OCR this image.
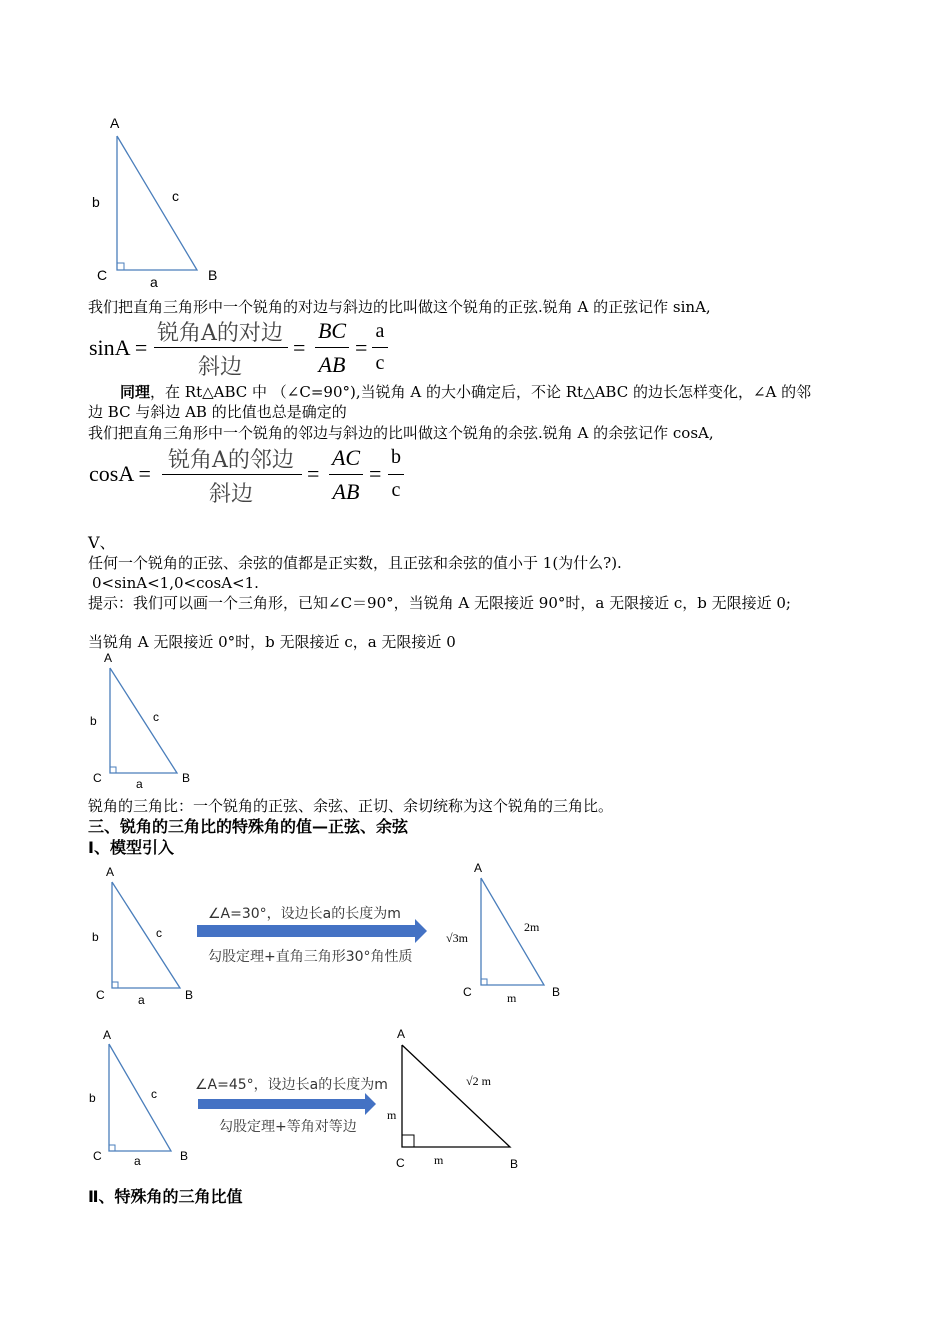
A
b	c
C	a	B
我们把直角三角形中一个锐角的对边与斜边的比叫做这个锐角的正弦.锐角 A 的正弦记作 sinA,
sinA =
锐角A的对边
斜边
=
BC
AB
=
a
c
同理，在 Rt△ABC 中 （∠C=90°),当锐角 A 的大小确定后，不论 Rt△ABC 的边长怎样变化，∠A 的邻
边 BC 与斜边 AB 的比值也总是确定的
我们把直角三角形中一个锐角的邻边与斜边的比叫做这个锐角的余弦.锐角 A 的余弦记作 cosA,
cosA =
锐角A的邻边
斜边
=
AC
AB
=
b
c
Ⅴ、
任何一个锐角的正弦、余弦的值都是正实数，且正弦和余弦的值小于 1(为什么?).
0<sinA<1,0<cosA<1.
提示：我们可以画一个三角形，已知∠C＝90°，当锐角 A 无限接近 90°时，a 无限接近 c，b 无限接近 0;
当锐角 A 无限接近 0°时，b 无限接近 c，a 无限接近 0
A
b	c
C	a	B
锐角的三角比：一个锐角的正弦、余弦、正切、余切统称为这个锐角的三角比。
三、锐角的三角比的特殊角的值—正弦、余弦
Ⅰ、模型引入
A
b	c
C	a	B
∠A=30°，设边长a的长度为m
勾股定理+直角三角形30°角性质
A
√3m
2m
C	m	B
A
b	c
C	a	B
∠A=45°，设边长a的长度为m
勾股定理+等角对等边
A
m
√2 m
C m	B
Ⅱ、特殊角的三角比值
